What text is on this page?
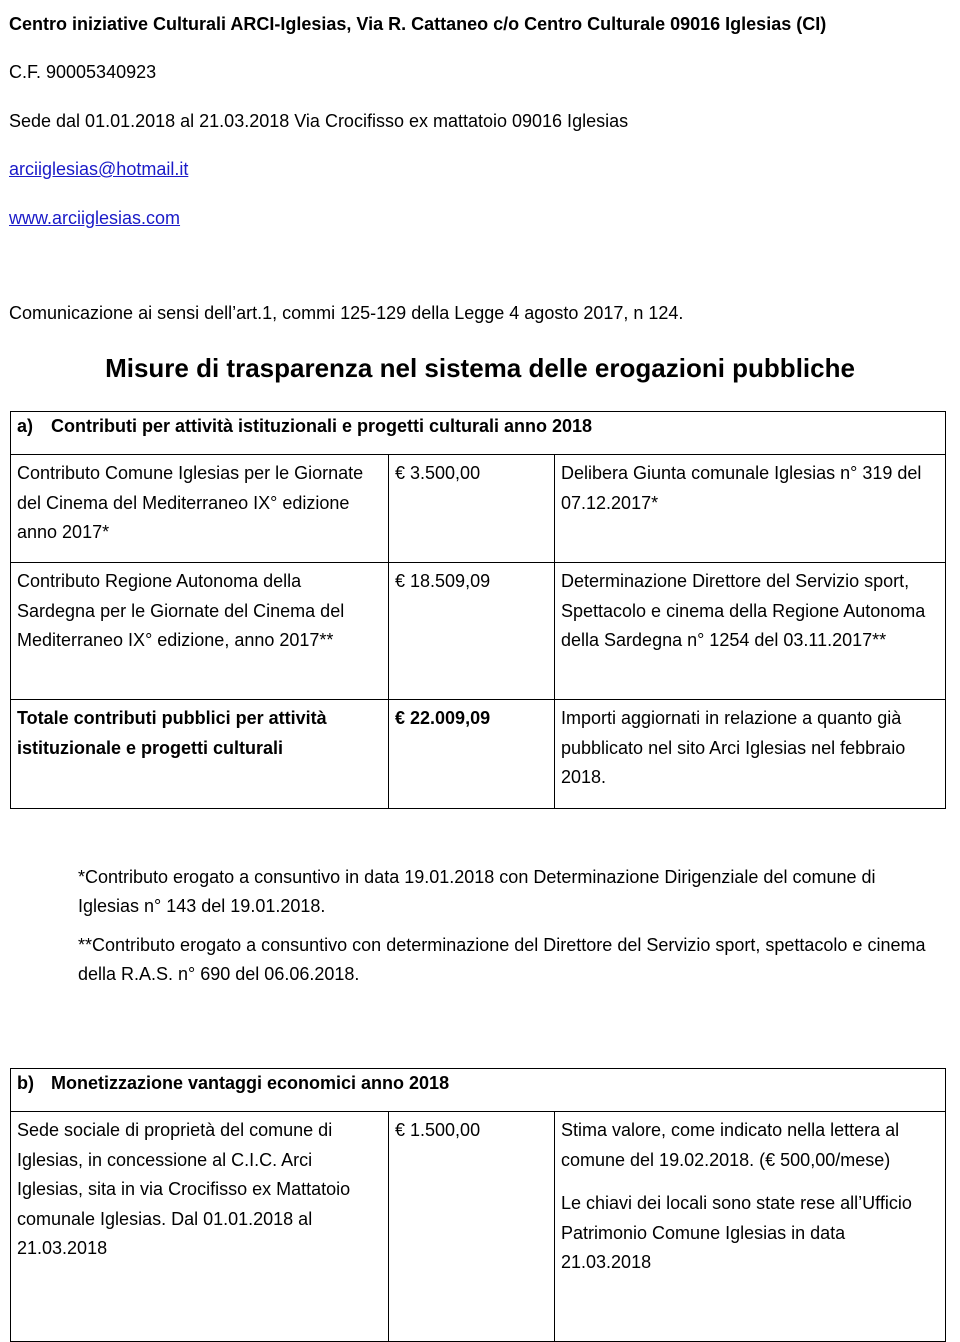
Centro iniziative Culturali ARCI-Iglesias, Via R. Cattaneo c/o Centro Culturale 09016 Iglesias (CI)
C.F. 90005340923
Sede dal 01.01.2018 al 21.03.2018 Via Crocifisso ex mattatoio 09016 Iglesias
arciiglesias@hotmail.it
www.arciiglesias.com
Comunicazione ai sensi dell’art.1, commi 125-129 della Legge 4 agosto 2017, n 124.
Misure di trasparenza nel sistema delle erogazioni pubbliche
a) Contributi per attività istituzionali e progetti culturali anno 2018		
Contributo Comune Iglesias per le Giornate del Cinema del Mediterraneo IX° edizione anno 2017*	€ 3.500,00	Delibera Giunta comunale Iglesias n° 319 del 07.12.2017*
Contributo Regione Autonoma della Sardegna per le Giornate del Cinema del Mediterraneo IX° edizione, anno 2017**	€ 18.509,09	Determinazione Direttore del Servizio sport, Spettacolo e cinema della Regione Autonoma della Sardegna n° 1254 del 03.11.2017**
Totale contributi pubblici per attività istituzionale e progetti culturali	€ 22.009,09	Importi aggiornati in relazione a quanto già pubblicato nel sito Arci Iglesias nel febbraio 2018.

*Contributo erogato a consuntivo in data 19.01.2018 con Determinazione Dirigenziale del comune di Iglesias n° 143 del 19.01.2018.

**Contributo erogato a consuntivo con determinazione del Direttore del Servizio sport, spettacolo e cinema della R.A.S. n° 690 del 06.06.2018.

b) Monetizzazione vantaggi economici anno 2018
Sede sociale di proprietà del comune di Iglesias, in concessione al C.I.C. Arci Iglesias, sita in via Crocifisso ex Mattatoio comunale Iglesias. Dal 01.01.2018 al 21.03.2018	€ 1.500,00	Stima valore, come indicato nella lettera al comune del 19.02.2018. (€ 500,00/mese)
Le chiavi dei locali sono state rese all’Ufficio Patrimonio Comune Iglesias in data 21.03.2018
